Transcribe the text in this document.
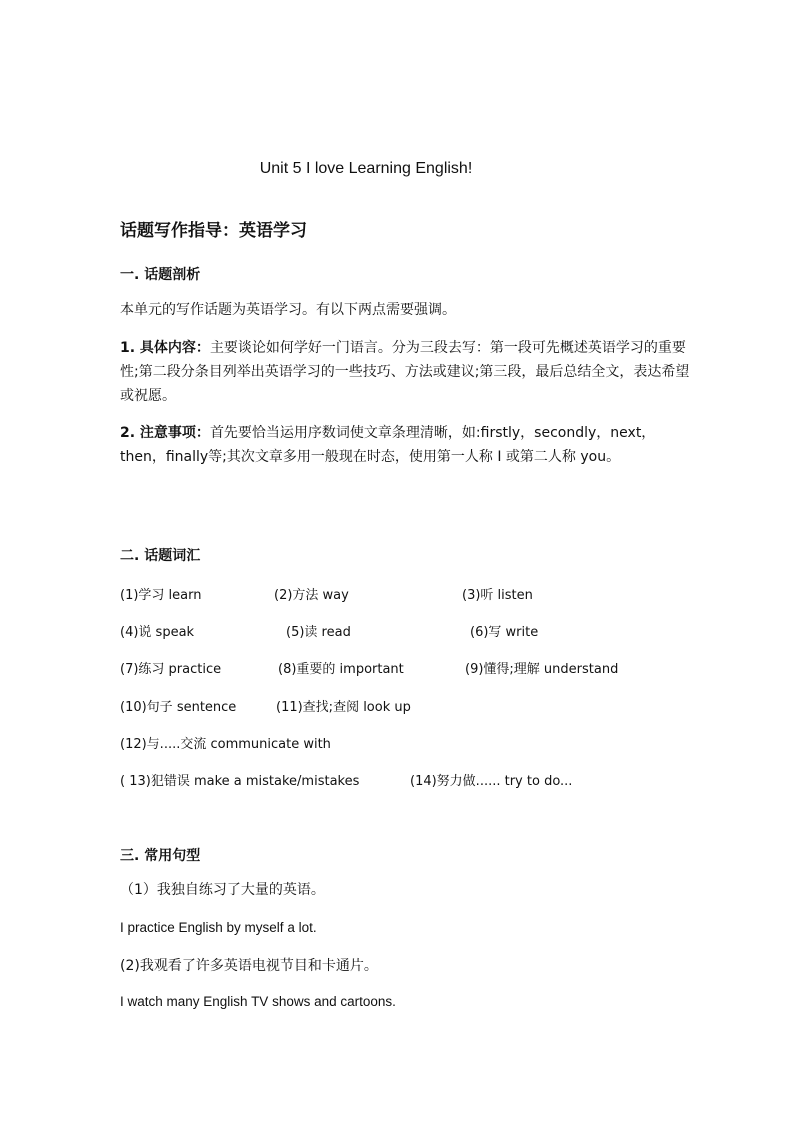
Unit 5 I love Learning English!
话题写作指导：英语学习
一. 话题剖析
本单元的写作话题为英语学习。有以下两点需要强调。
1. 具体内容：主要谈论如何学好一门语言。分为三段去写：第一段可先概述英语学习的重要性;第二段分条目列举出英语学习的一些技巧、方法或建议;第三段，最后总结全文，表达希望或祝愿。
2. 注意事项：首先要恰当运用序数词使文章条理清晰，如:firstly，secondly，next，then，finally等;其次文章多用一般现在时态，使用第一人称 I 或第二人称 you。
二. 话题词汇
(1)学习 learn	(2)方法 way	(3)听 listen
(4)说 speak	(5)读 read	(6)写 write
(7)练习 practice	(8)重要的 important	(9)懂得;理解 understand
(10)句子 sentence	(11)查找;查阅 look up
(12)与.....交流 communicate with
( 13)犯错误 make a mistake/mistakes	(14)努力做...... try to do...
三. 常用句型
（1）我独自练习了大量的英语。
I practice English by myself a lot.
(2)我观看了许多英语电视节目和卡通片。
I watch many English TV shows and cartoons.
